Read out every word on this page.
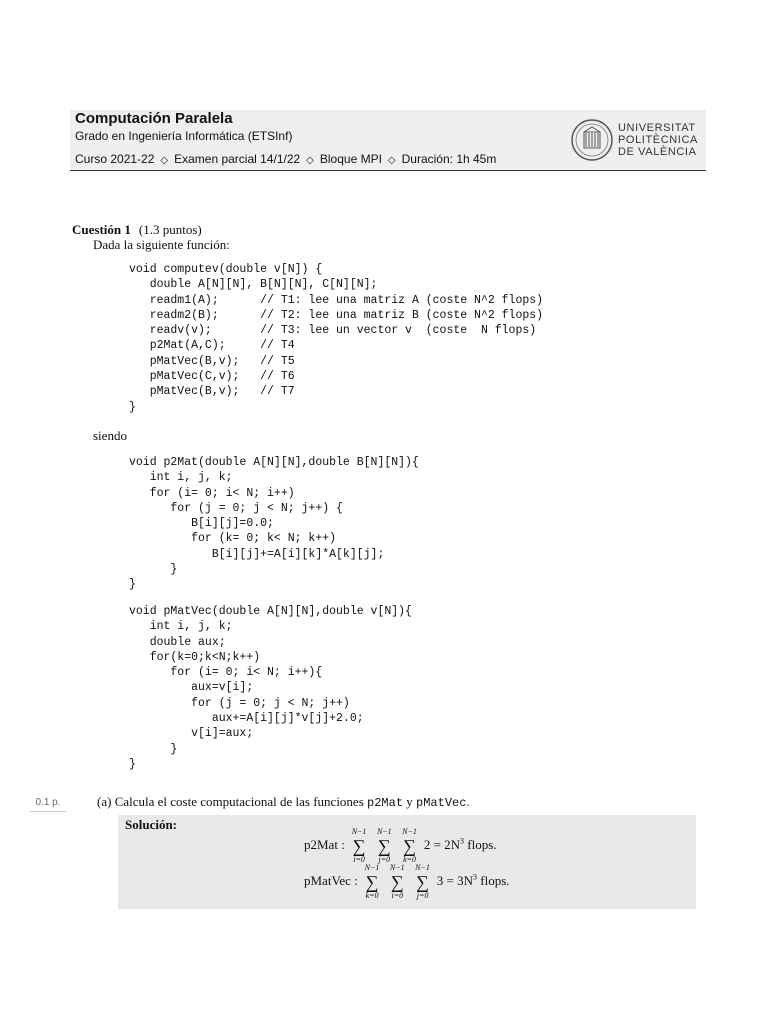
Computación Paralela
Grado en Ingeniería Informática (ETSInf)
Curso 2021-22 ◇ Examen parcial 14/1/22 ◇ Bloque MPI ◇ Duración: 1h 45m
UNIVERSITAT
POLITÈCNICA
DE VALÈNCIA
Cuestión 1 (1.3 puntos)
Dada la siguiente función:
void computev(double v[N]) {
double A[N][N], B[N][N], C[N][N];
readm1(A);      // T1: lee una matriz A (coste N^2 flops)
readm2(B);      // T2: lee una matriz B (coste N^2 flops)
readv(v);       // T3: lee un vector v  (coste  N flops)
p2Mat(A,C);     // T4
pMatVec(B,v);   // T5
pMatVec(C,v);   // T6
pMatVec(B,v);   // T7
}
siendo
void p2Mat(double A[N][N],double B[N][N]){
int i, j, k;
for (i= 0; i< N; i++)
for (j = 0; j < N; j++) {
B[i][j]=0.0;
for (k= 0; k< N; k++)
B[i][j]+=A[i][k]*A[k][j];
}
}
void pMatVec(double A[N][N],double v[N]){
int i, j, k;
double aux;
for(k=0;k<N;k++)
for (i= 0; i< N; i++){
aux=v[i];
for (j = 0; j < N; j++)
aux+=A[i][j]*v[j]+2.0;
v[i]=aux;
}
}
0.1 p.	(a) Calcula el coste computacional de las funciones p2Mat y pMatVec.
Solución:
p2Mat :
N−1
∑
i=0

N−1
∑
j=0

N−1
∑
k=0
$2 = 2N^3$ flops.
pMatVec :
N−1
∑
k=0

N−1
∑
i=0

N−1
∑
j=0
$3 = 3N^3$ flops.
